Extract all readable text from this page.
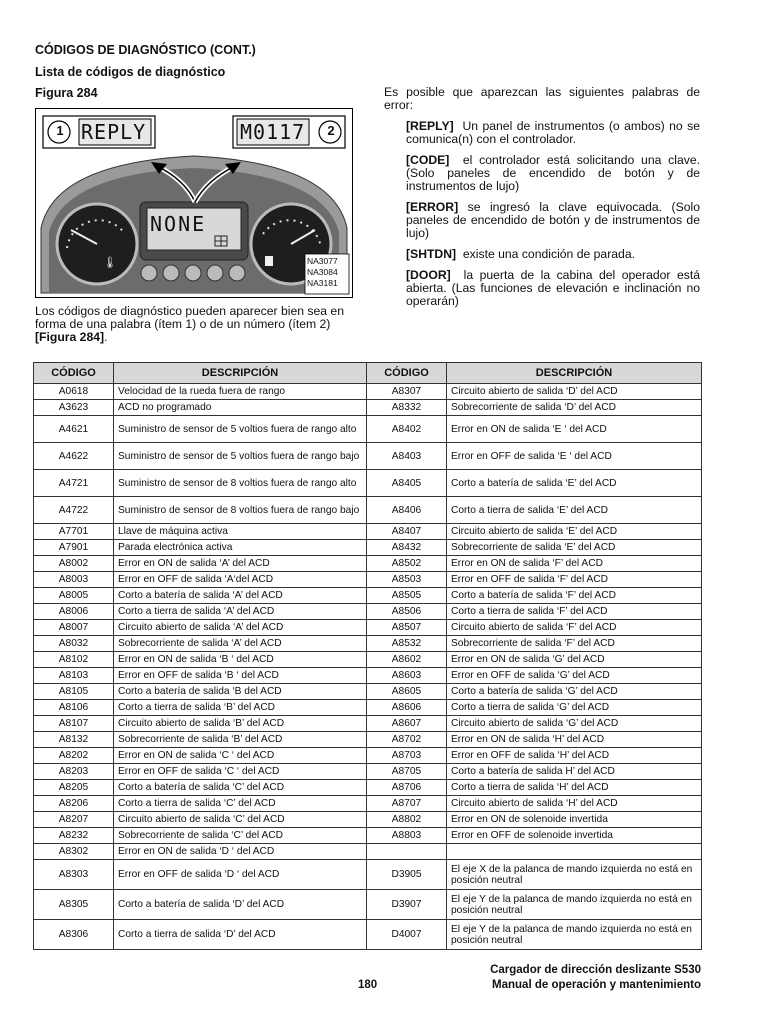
CÓDIGOS DE DIAGNÓSTICO (CONT.)
Lista de códigos de diagnóstico
Figura 284
🌡
1 REPLY	2
M0117
NONE
NA3077
NA3084
NA3181
Los códigos de diagnóstico pueden aparecer bien sea en forma de una palabra (ítem 1) o de un número (ítem 2) [Figura 284].

Es posible que aparezcan las siguientes palabras de error:

[REPLY] Un panel de instrumentos (o ambos) no se comunica(n) con el controlador.

[CODE] el controlador está solicitando una clave. (Solo paneles de encendido de botón y de instrumentos de lujo)

[ERROR] se ingresó la clave equivocada. (Solo paneles de encendido de botón y de instrumentos de lujo)

[SHTDN] existe una condición de parada.

[DOOR] la puerta de la cabina del operador está abierta. (Las funciones de elevación e inclinación no operarán)

CÓDIGO	DESCRIPCIÓN	CÓDIGO	DESCRIPCIÓN
A0618	Velocidad de la rueda fuera de rango	A8307	Circuito abierto de salida ‘D’ del ACD
A3623	ACD no programado	A8332	Sobrecorriente de salida ‘D’ del ACD
A4621	Suministro de sensor de 5 voltios fuera de rango alto	A8402	Error en ON de salida ‘E ‘ del ACD
A4622	Suministro de sensor de 5 voltios fuera de rango bajo	A8403	Error en OFF de salida ‘E ‘ del ACD
A4721	Suministro de sensor de 8 voltios fuera de rango alto	A8405	Corto a batería de salida ‘E’ del ACD
A4722	Suministro de sensor de 8 voltios fuera de rango bajo	A8406	Corto a tierra de salida ‘E’ del ACD
A7701	Llave de máquina activa	A8407	Circuito abierto de salida ‘E’ del ACD
A7901	Parada electrónica activa	A8432	Sobrecorriente de salida ‘E’ del ACD
A8002	Error en ON de salida ‘A’ del ACD	A8502	Error en ON de salida ‘F’ del ACD
A8003	Error en OFF de salida ‘A‘del ACD	A8503	Error en OFF de salida ‘F’ del ACD
A8005	Corto a batería de salida ‘A’ del ACD	A8505	Corto a batería de salida ‘F’ del ACD
A8006	Corto a tierra de salida ‘A’ del ACD	A8506	Corto a tierra de salida ‘F’ del ACD
A8007	Circuito abierto de salida ‘A’ del ACD	A8507	Circuito abierto de salida ‘F’ del ACD
A8032	Sobrecorriente de salida ‘A’ del ACD	A8532	Sobrecorriente de salida ‘F’ del ACD
A8102	Error en ON de salida ‘B ‘ del ACD	A8602	Error en ON de salida ‘G’ del ACD
A8103	Error en OFF de salida ‘B ‘ del ACD	A8603	Error en OFF de salida ‘G’ del ACD
A8105	Corto a batería de salida ‘B del ACD	A8605	Corto a batería de salida ‘G’ del ACD
A8106	Corto a tierra de salida ‘B’ del ACD	A8606	Corto a tierra de salida ‘G’ del ACD
A8107	Circuito abierto de salida ‘B’ del ACD	A8607	Circuito abierto de salida ‘G’ del ACD
A8132	Sobrecorriente de salida ‘B’ del ACD	A8702	Error en ON de salida ‘H’ del ACD
A8202	Error en ON de salida ‘C ‘ del ACD	A8703	Error en OFF de salida ‘H’ del ACD
A8203	Error en OFF de salida ‘C ‘ del ACD	A8705	Corto a batería de salida H’ del ACD
A8205	Corto a batería de salida ‘C’ del ACD	A8706	Corto a tierra de salida ‘H’ del ACD
A8206	Corto a tierra de salida ‘C’ del ACD	A8707	Circuito abierto de salida ‘H’ del ACD
A8207	Circuito abierto de salida ‘C’ del ACD	A8802	Error en ON de solenoide invertida
A8232	Sobrecorriente de salida ‘C’ del ACD	A8803	Error en OFF de solenoide invertida
A8302	Error en ON de salida ‘D ‘ del ACD		
A8303	Error en OFF de salida ‘D ‘ del ACD	D3905	El eje X de la palanca de mando izquierda no está en posición neutral
A8305	Corto a batería de salida ‘D’ del ACD	D3907	El eje Y de la palanca de mando izquierda no está en posición neutral
A8306	Corto a tierra de salida ‘D’ del ACD	D4007	El eje Y de la palanca de mando izquierda no está en posición neutral
Cargador de dirección deslizante S530
180	Manual de operación y mantenimiento
